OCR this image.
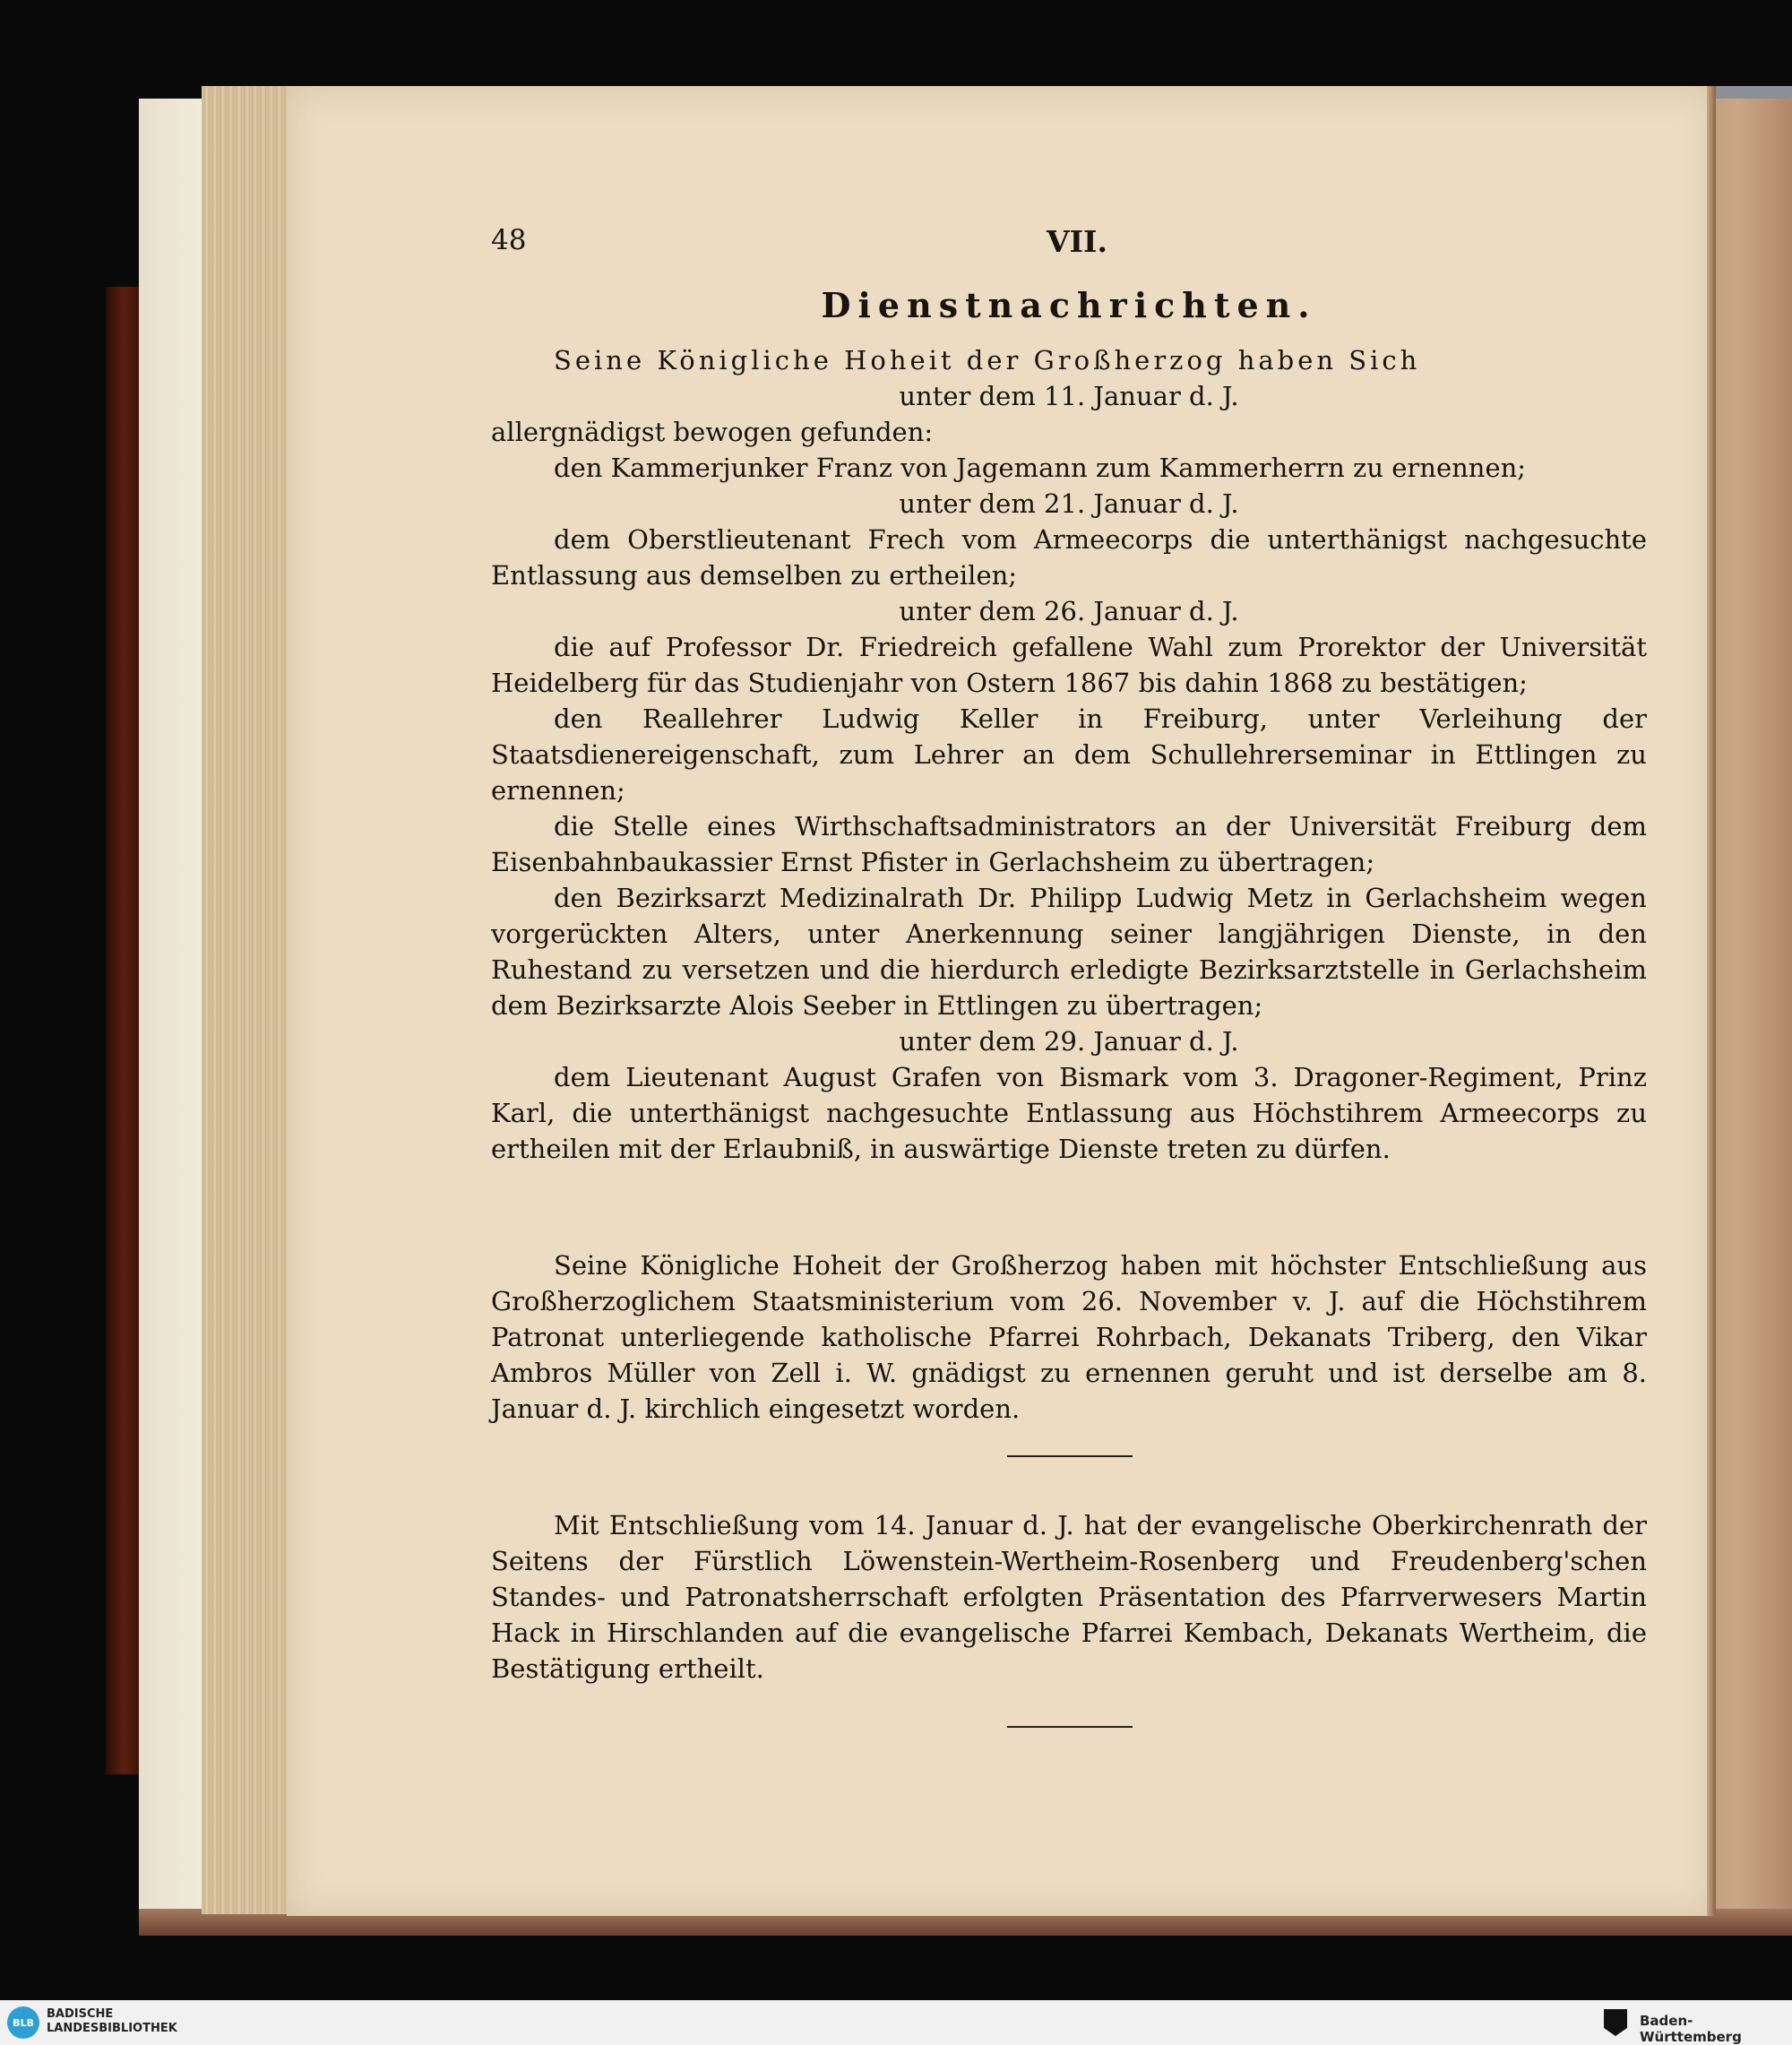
48	VII.
Dienstnachrichten.

Seine Königliche Hoheit der Großherzog haben Sich

unter dem 11. Januar d. J.

allergnädigst bewogen gefunden:

den Kammerjunker Franz von Jagemann zum Kammerherrn zu ernennen;

unter dem 21. Januar d. J.

dem Oberstlieutenant Frech vom Armeecorps die unterthänigst nachgesuchte Entlassung aus demselben zu ertheilen;

unter dem 26. Januar d. J.

die auf Professor Dr. Friedreich gefallene Wahl zum Prorektor der Universität Heidelberg für das Studienjahr von Ostern 1867 bis dahin 1868 zu bestätigen;

den Reallehrer Ludwig Keller in Freiburg, unter Verleihung der Staatsdienereigenschaft, zum Lehrer an dem Schullehrerseminar in Ettlingen zu ernennen;

die Stelle eines Wirthschaftsadministrators an der Universität Freiburg dem Eisenbahnbaukassier Ernst Pfister in Gerlachsheim zu übertragen;

den Bezirksarzt Medizinalrath Dr. Philipp Ludwig Metz in Gerlachsheim wegen vorgerückten Alters, unter Anerkennung seiner langjährigen Dienste, in den Ruhestand zu versetzen und die hierdurch erledigte Bezirksarztstelle in Gerlachsheim dem Bezirksarzte Alois Seeber in Ettlingen zu übertragen;

unter dem 29. Januar d. J.

dem Lieutenant August Grafen von Bismark vom 3. Dragoner-Regiment, Prinz Karl, die unterthänigst nachgesuchte Entlassung aus Höchstihrem Armeecorps zu ertheilen mit der Erlaubniß, in auswärtige Dienste treten zu dürfen.

Seine Königliche Hoheit der Großherzog haben mit höchster Entschließung aus Großherzoglichem Staatsministerium vom 26. November v. J. auf die Höchstihrem Patronat unterliegende katholische Pfarrei Rohrbach, Dekanats Triberg, den Vikar Ambros Müller von Zell i. W. gnädigst zu ernennen geruht und ist derselbe am 8. Januar d. J. kirchlich eingesetzt worden.

Mit Entschließung vom 14. Januar d. J. hat der evangelische Oberkirchenrath der Seitens der Fürstlich Löwenstein-Wertheim-Rosenberg und Freudenberg'schen Standes- und Patronatsherrschaft erfolgten Präsentation des Pfarrverwesers Martin Hack in Hirschlanden auf die evangelische Pfarrei Kembach, Dekanats Wertheim, die Bestätigung ertheilt.

BLB
BADISCHE
LANDESBIBLIOTHEK	Baden-Württemberg
